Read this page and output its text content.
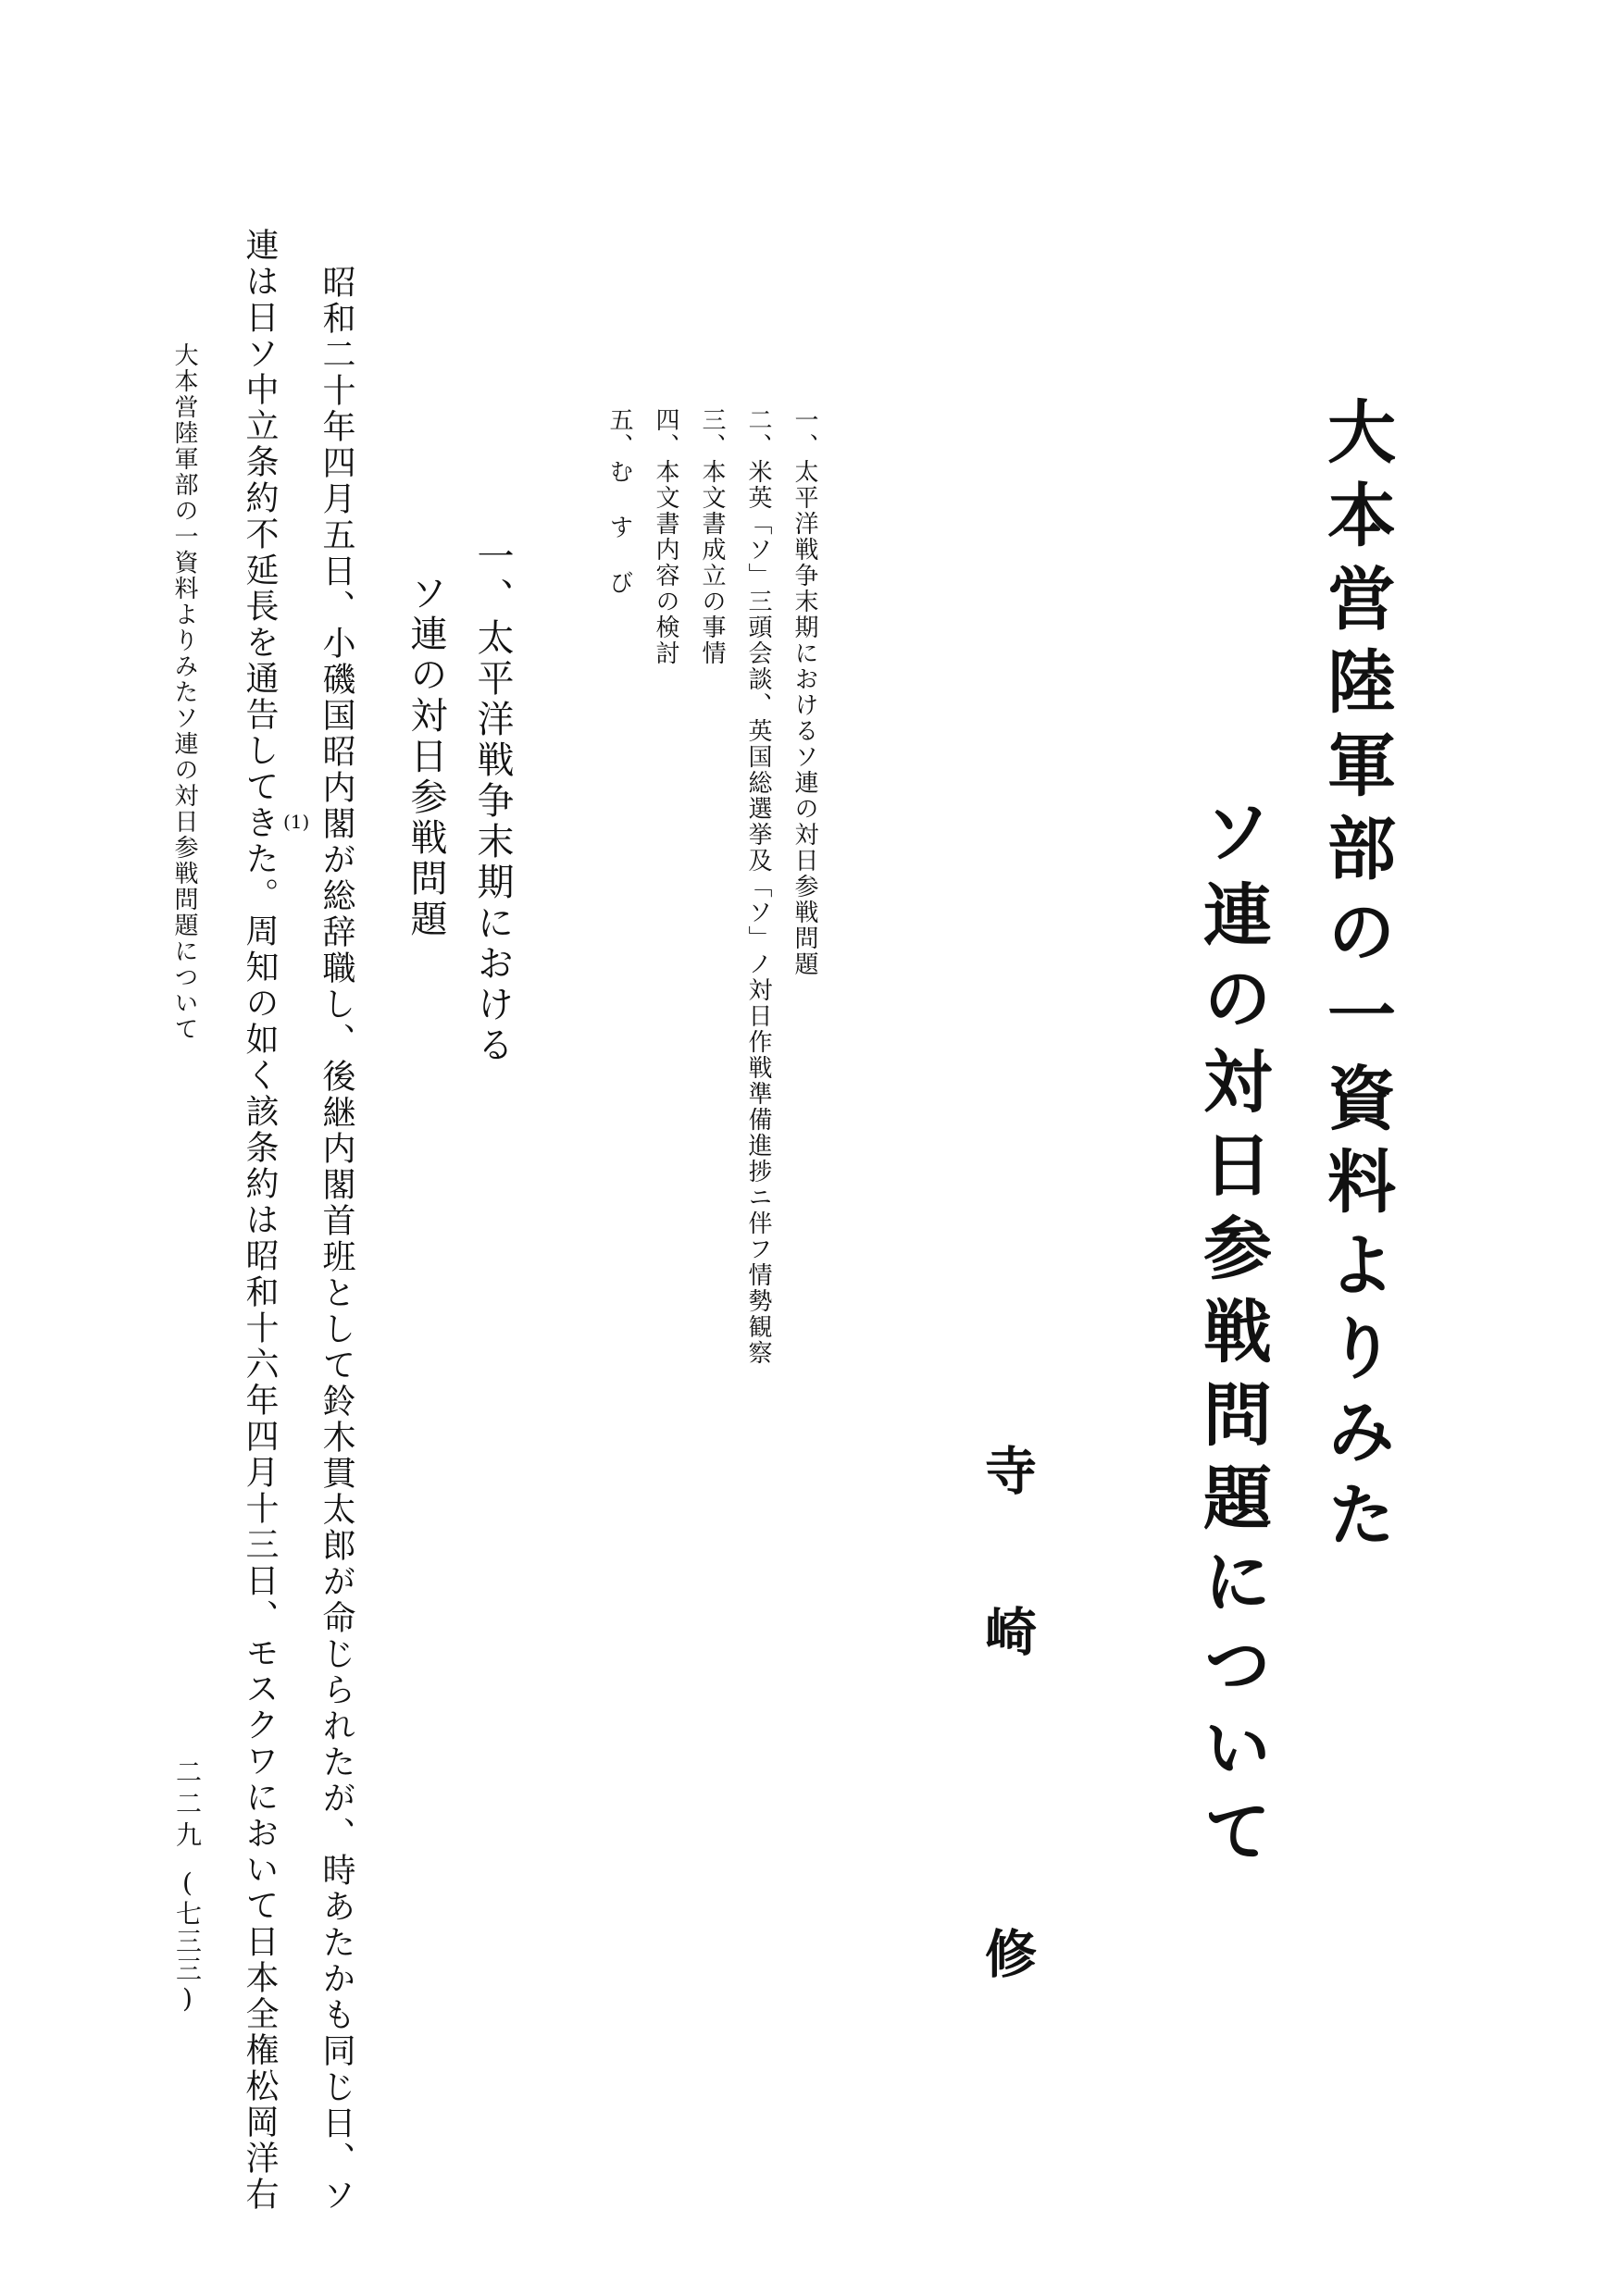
大本営陸軍部の一資料よりみた
ソ連の対日参戦問題について
寺崎　修
一、太平洋戦争末期におけるソ連の対日参戦問題
二、米英「ソ」三頭会談、英国総選挙及「ソ」ノ対日作戦準備進捗ニ伴フ情勢観察
三、本文書成立の事情
四、本文書内容の検討
五、む す び
一、太平洋戦争末期における
ソ連の対日参戦問題
昭和二十年四月五日、小磯国昭内閣が総辞職し、後継内閣首班として鈴木貫太郎が命じられたが、時あたかも同じ日、ソ
連は日ソ中立条約不延長を通告してきた。周知の如く該条約は昭和十六年四月十三日、モスクワにおいて日本全権松岡洋右 (1)
大本営陸軍部の一資料よりみたソ連の対日参戦問題について
二二九
(七三三)
